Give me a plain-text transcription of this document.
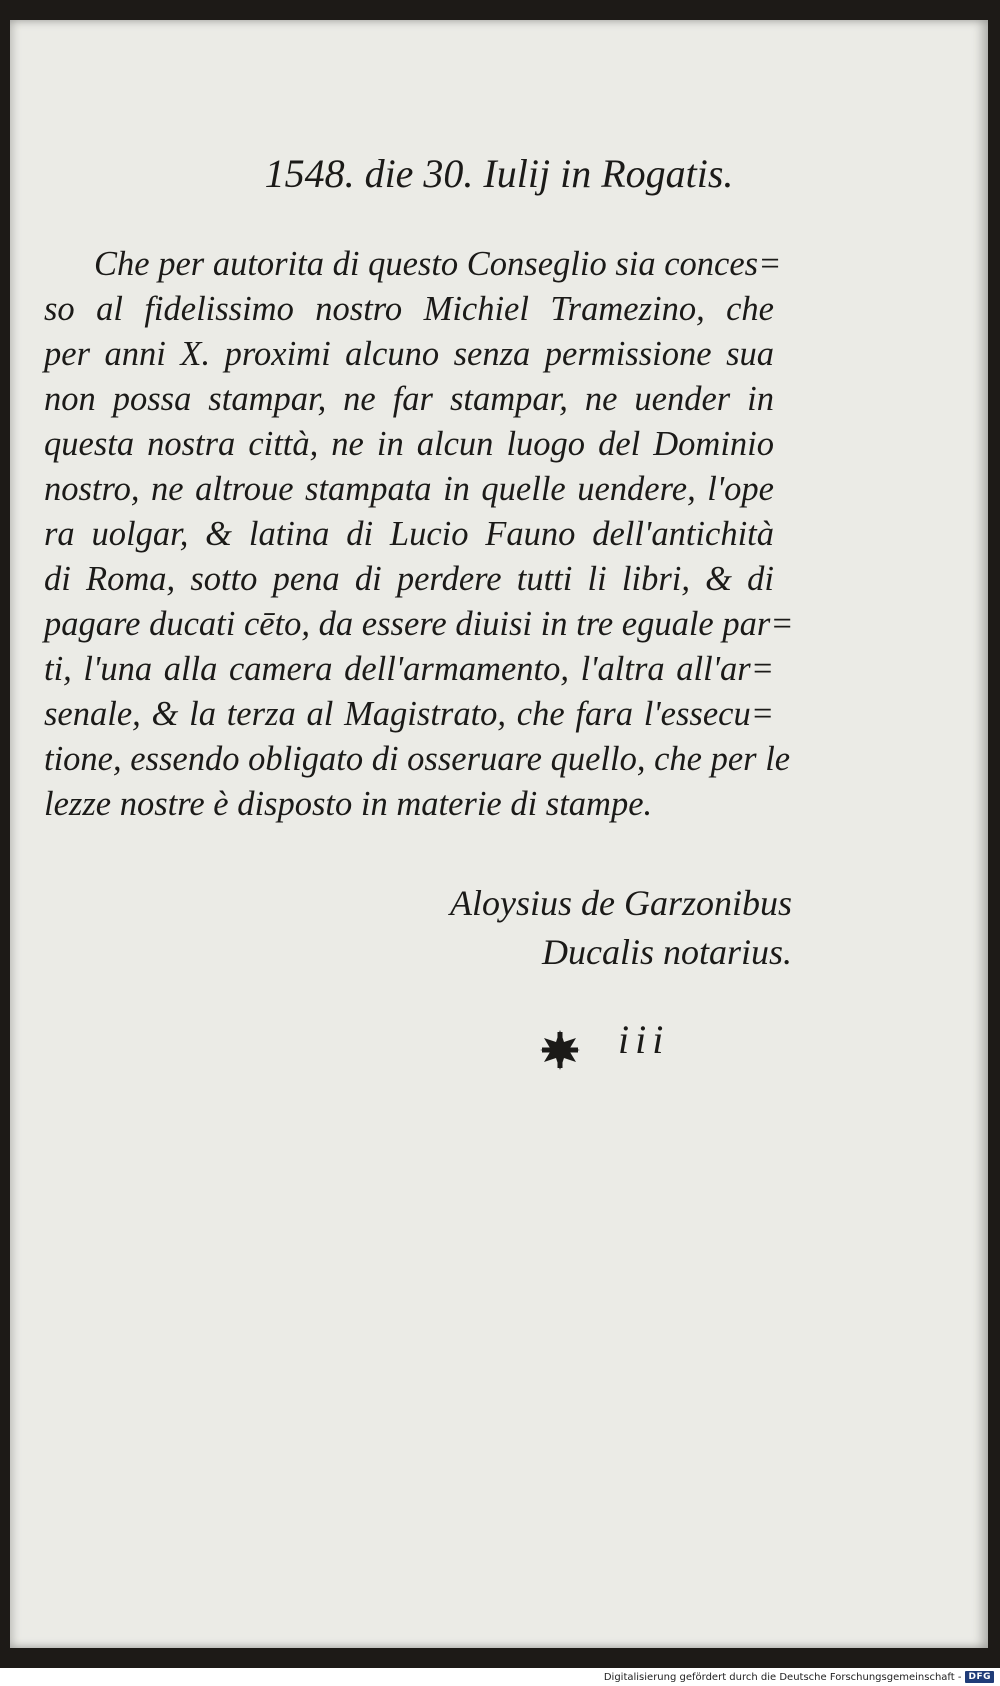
1548. die 30. Iulij in Rogatis.
Che per autorita di questo Conseglio sia conces=
so al fidelissimo nostro Michiel Tramezino, che
per anni X. proximi alcuno senza permissione sua
non possa stampar, ne far stampar, ne uender in
questa nostra città, ne in alcun luogo del Dominio
nostro, ne altroue stampata in quelle uendere, l'ope
ra uolgar, & latina di Lucio Fauno dell'antichità
di Roma, sotto pena di perdere tutti li libri, & di
pagare ducati cēto, da essere diuisi in tre eguale par=
ti, l'una alla camera dell'armamento, l'altra all'ar=
senale, & la terza al Magistrato, che fara l'essecu=
tione, essendo obligato di osseruare quello, che per le
lezze nostre è disposto in materie di stampe.
Aloysius de Garzonibus
Ducalis notarius.
iii
Digitalisierung gefördert durch die Deutsche Forschungsgemeinschaft - DFG
